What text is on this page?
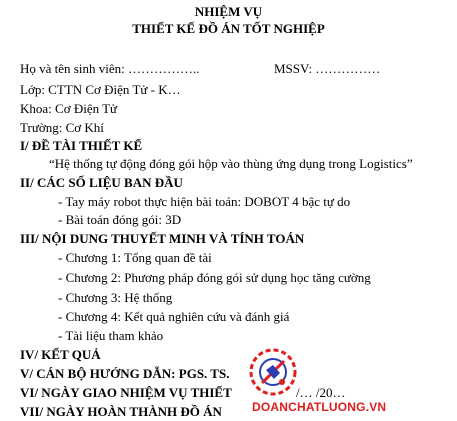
NHIỆM VỤ
THIẾT KẾ ĐỒ ÁN TỐT NGHIỆP
Họ và tên sinh viên: ……………..	MSSV: ……………
Lớp: CTTN Cơ Điện Tử - K…
Khoa: Cơ Điện Tử
Trường: Cơ Khí
I/ ĐỀ TÀI THIẾT KẾ
“Hệ thống tự động đóng gói hộp vào thùng ứng dụng trong Logistics”
II/ CÁC SỐ LIỆU BAN ĐẦU
- Tay máy robot thực hiện bài toán: DOBOT 4 bậc tự do
- Bài toán đóng gói: 3D
III/ NỘI DUNG THUYẾT MINH VÀ TÍNH TOÁN
- Chương 1: Tổng quan đề tài
- Chương 2: Phương pháp đóng gói sử dụng học tăng cường
- Chương 3: Hệ thống
- Chương 4: Kết quả nghiên cứu và đánh giá
- Tài liệu tham khảo
IV/ KẾT QUẢ
V/ CÁN BỘ HƯỚNG DẪN: PGS. TS.
VI/ NGÀY GIAO NHIỆM VỤ THIẾT	/… /20…
VII/ NGÀY HOÀN THÀNH ĐỒ ÁN	DOANCHATLUONG.VN
